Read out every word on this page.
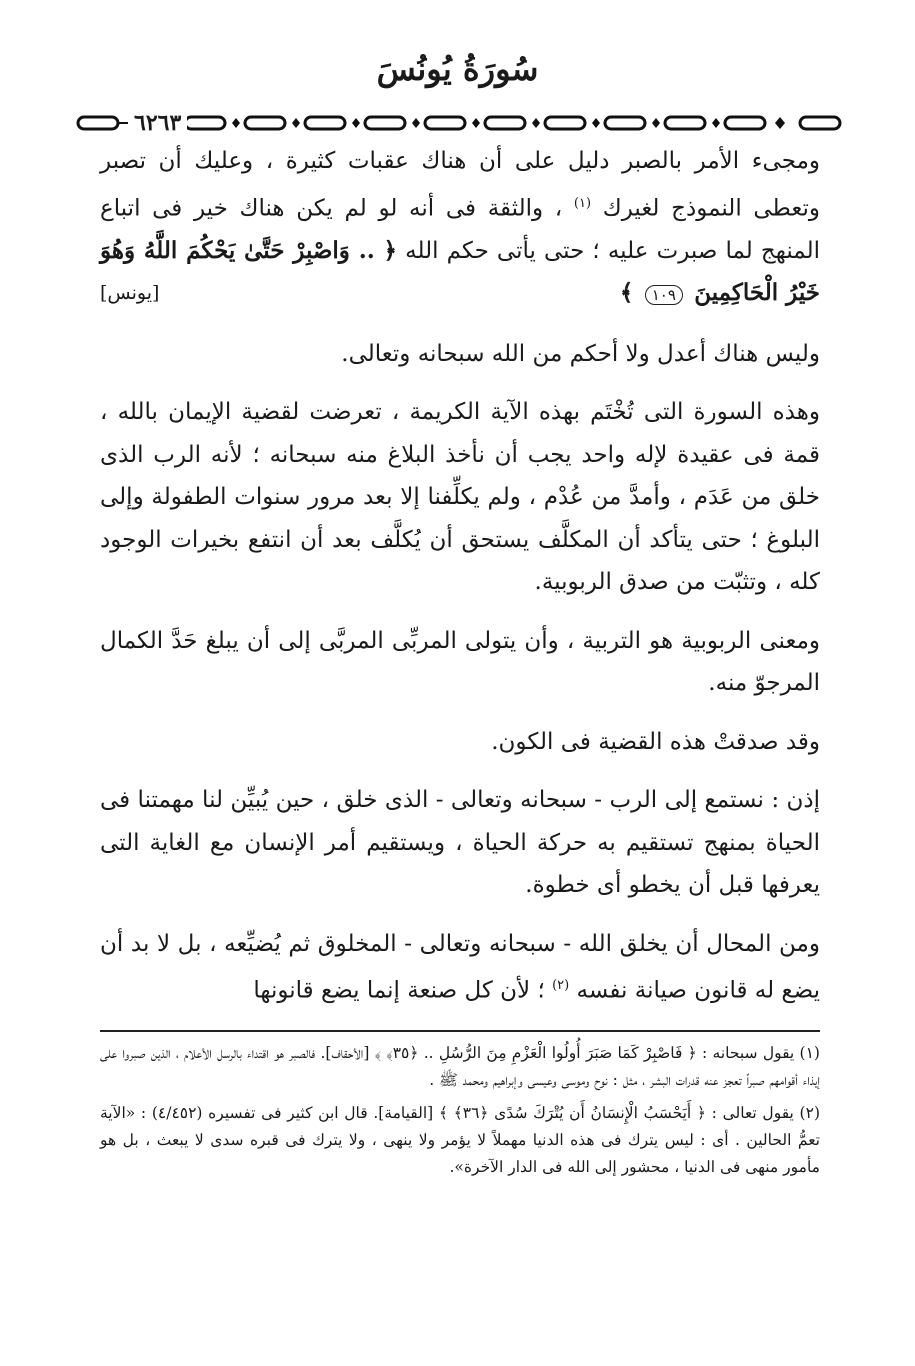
سُورَةُ يُونُسَ
٦٢٦٣

ومجىء الأمر بالصبر دليل على أن هناك عقبات كثيرة ، وعليك أن تصبر وتعطى النموذج لغيرك $^{(١)}$ ، والثقة فى أنه لو لم يكن هناك خير فى اتباع المنهج لما صبرت عليه ؛ حتى يأتى حكم الله ﴿ .. وَاصْبِرْ حَتَّىٰ يَحْكُمَ اللَّهُ وَهُوَ خَيْرُ الْحَاكِمِينَ ١٠٩ ﴾
[يونس]

وليس هناك أعدل ولا أحكم من الله سبحانه وتعالى.

وهذه السورة التى تُخْتَم بهذه الآية الكريمة ، تعرضت لقضية الإيمان بالله ، قمة فى عقيدة لإله واحد يجب أن نأخذ البلاغ منه سبحانه ؛ لأنه الرب الذى خلق من عَدَم ، وأمدَّ من عُدْم ، ولم يكلِّفنا إلا بعد مرور سنوات الطفولة وإلى البلوغ ؛ حتى يتأكد أن المكلَّف يستحق أن يُكلَّف بعد أن انتفع بخيرات الوجود كله ، وتثبّت من صدق الربوبية.

ومعنى الربوبية هو التربية ، وأن يتولى المربِّى المربَّى إلى أن يبلغ حَدَّ الكمال المرجوّ منه.

وقد صدقتْ هذه القضية فى الكون.

إذن : نستمع إلى الرب - سبحانه وتعالى - الذى خلق ، حين يُبيِّن لنا مهمتنا فى الحياة بمنهج تستقيم به حركة الحياة ، ويستقيم أمر الإنسان مع الغاية التى يعرفها قبل أن يخطو أى خطوة.

ومن المحال أن يخلق الله - سبحانه وتعالى - المخلوق ثم يُضيِّعه ، بل لا بد أن يضع له قانون صيانة نفسه $^{(٢)}$ ؛ لأن كل صنعة إنما يضع قانونها

(١) يقول سبحانه : ﴿ فَاصْبِرْ كَمَا صَبَرَ أُولُوا الْعَزْمِ مِنَ الرُّسُلِ .. ﴿٣٥﴾ ﴾ [الأحقاف]. فالصبر هو اقتداء بالرسل الأعلام ، الذين صبروا على إيذاء أقوامهم صبراً تعجز عنه قدرات البشر ، مثل : نوح وموسى وعيسى وإبراهيم ومحمد ﷺ .

(٢) يقول تعالى : ﴿ أَيَحْسَبُ الْإِنسَانُ أَن يُتْرَكَ سُدًى ﴿٣٦﴾ ﴾ [القيامة]. قال ابن كثير فى تفسيره (٤/٤٥٢) : «الآية تعمُّ الحالين . أى : ليس يترك فى هذه الدنيا مهملاً لا يؤمر ولا ينهى ، ولا يترك فى قبره سدى لا يبعث ، بل هو مأمور منهى فى الدنيا ، محشور إلى الله فى الدار الآخرة».
